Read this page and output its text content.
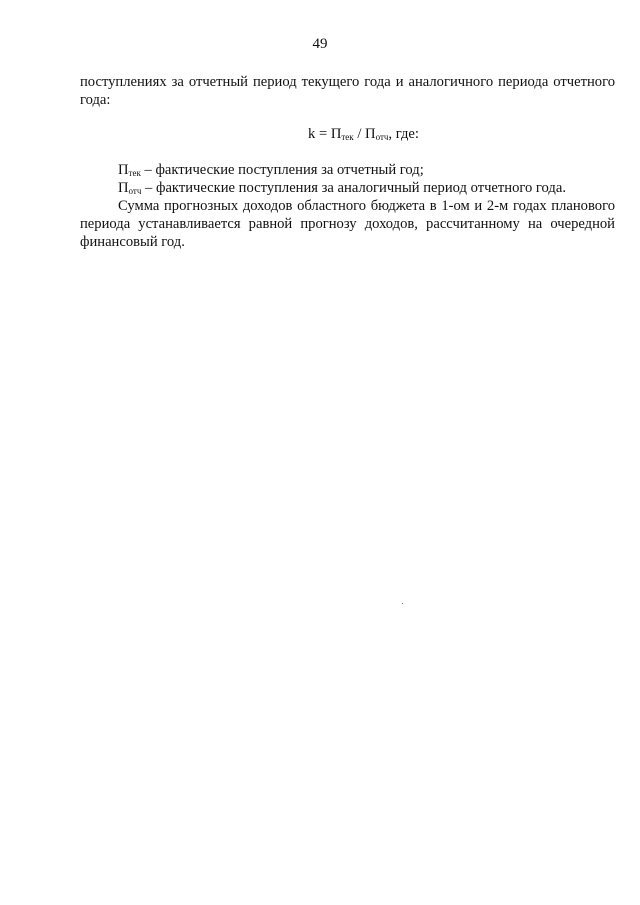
49

поступлениях за отчетный период текущего года и аналогичного периода отчетного года:

$k = П_{тек} / П_{отч}$, где:
$П_{тек}$ – фактические поступления за отчетный год;
$П_{отч}$ – фактические поступления за аналогичный период отчетного года.

Сумма прогнозных доходов областного бюджета в 1-ом и 2-м годах планового периода устанавливается равной прогнозу доходов, рассчитанному на очередной финансовый год.
